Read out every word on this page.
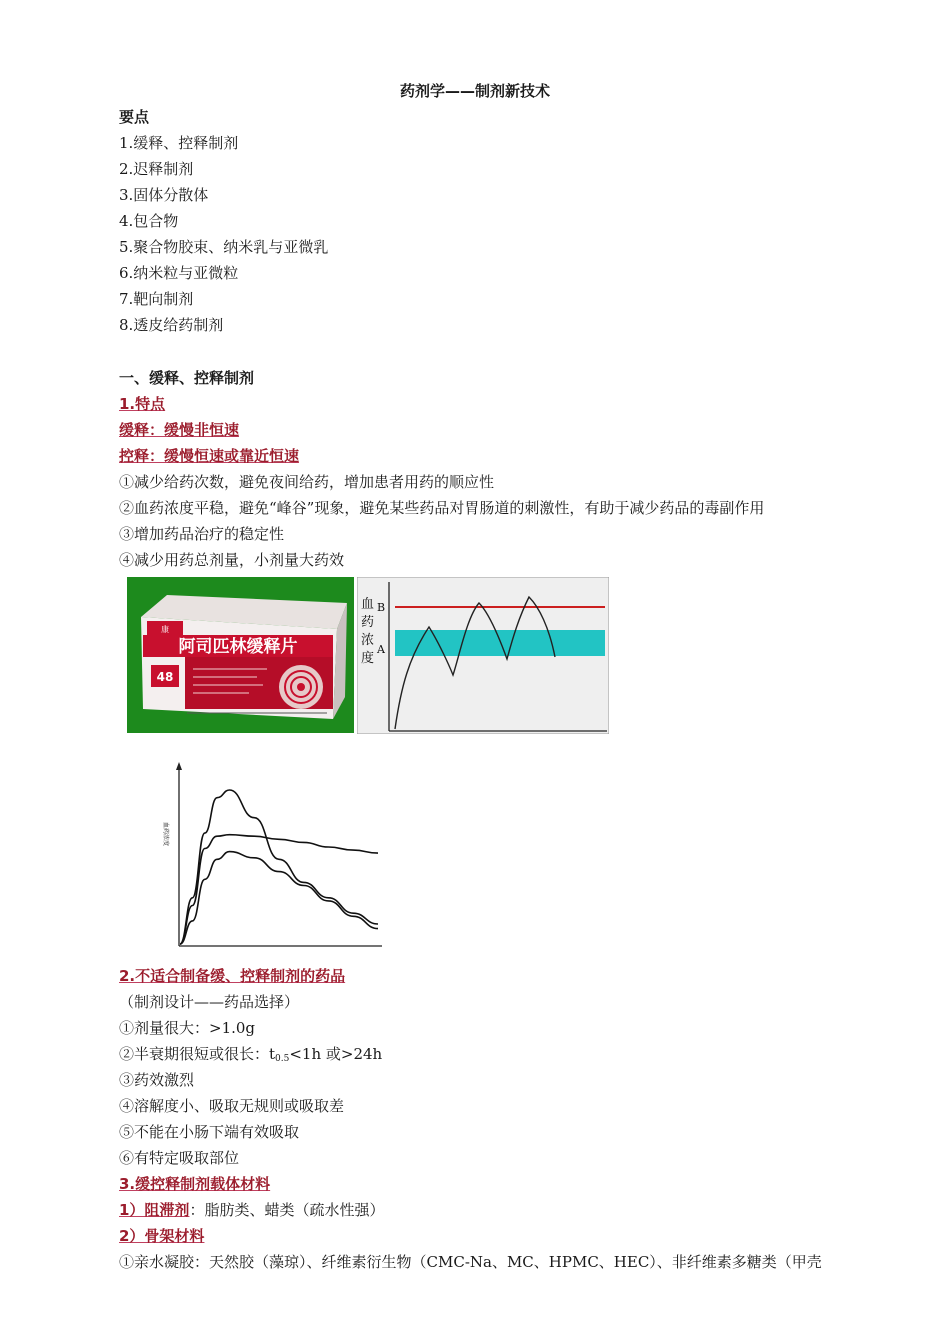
药剂学——制剂新技术
要点
1.缓释、控释制剂
2.迟释制剂
3.固体分散体
4.包合物
5.聚合物胶束、纳米乳与亚微乳
6.纳米粒与亚微粒
7.靶向制剂
8.透皮给药制剂
一、缓释、控释制剂
1.特点
缓释：缓慢非恒速
控释：缓慢恒速或靠近恒速
①减少给药次数，避免夜间给药，增加患者用药的顺应性
②血药浓度平稳，避免“峰谷”现象，避免某些药品对胃肠道的刺激性，有助于减少药品的毒副作用
③增加药品治疗的稳定性
④减少用药总剂量，小剂量大药效
康
阿司匹林缓释片
48
血
药
浓
度
B
A
血药浓度
2.不适合制备缓、控释制剂的药品
（制剂设计——药品选择）
①剂量很大：>1.0g
②半衰期很短或很长：$t_{0.5}<1h$ 或>24h
③药效激烈
④溶解度小、吸取无规则或吸取差
⑤不能在小肠下端有效吸取
⑥有特定吸取部位
3.缓控释制剂载体材料
1）阻滞剂：脂肪类、蜡类（疏水性强）
2）骨架材料
①亲水凝胶：天然胶（藻琼）、纤维素衍生物（CMC-Na、MC、HPMC、HEC）、非纤维素多糖类（甲壳
